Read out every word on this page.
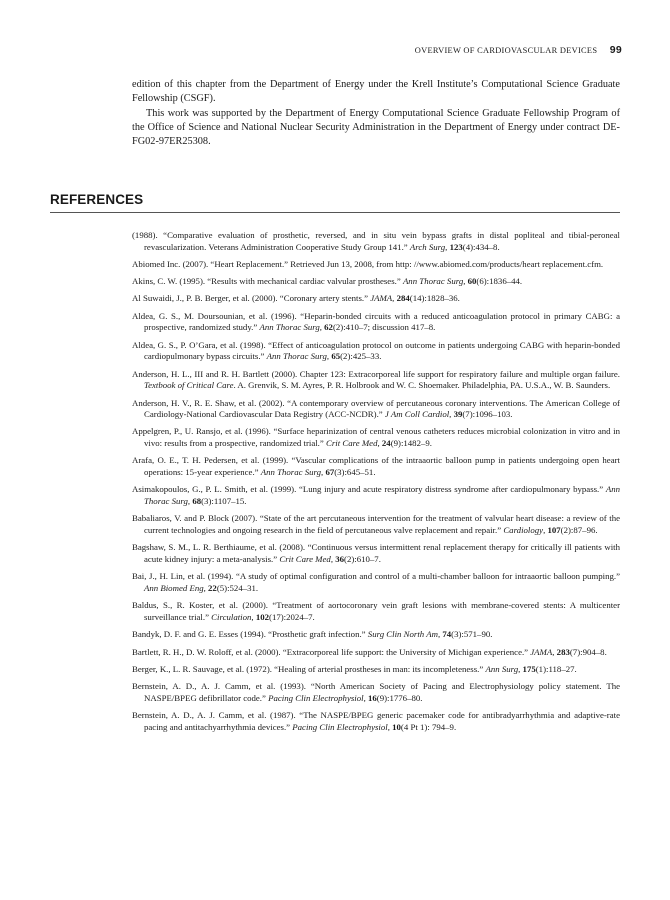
OVERVIEW OF CARDIOVASCULAR DEVICES 99

edition of this chapter from the Department of Energy under the Krell Institute’s Computational Science Graduate Fellowship (CSGF).

This work was supported by the Department of Energy Computational Science Graduate Fellowship Program of the Office of Science and National Nuclear Security Administration in the Department of Energy under contract DE-FG02-97ER25308.

REFERENCES
(1988). “Comparative evaluation of prosthetic, reversed, and in situ vein bypass grafts in distal popliteal and tibial-peroneal revascularization. Veterans Administration Cooperative Study Group 141.” Arch Surg, 123(4):434–8.
Abiomed Inc. (2007). “Heart Replacement.” Retrieved Jun 13, 2008, from http: //www.abiomed.com/products/heart replacement.cfm.
Akins, C. W. (1995). “Results with mechanical cardiac valvular prostheses.” Ann Thorac Surg, 60(6):1836–44.
Al Suwaidi, J., P. B. Berger, et al. (2000). “Coronary artery stents.” JAMA, 284(14):1828–36.
Aldea, G. S., M. Doursounian, et al. (1996). “Heparin-bonded circuits with a reduced anticoagulation protocol in primary CABG: a prospective, randomized study.” Ann Thorac Surg, 62(2):410–7; discussion 417–8.
Aldea, G. S., P. O’Gara, et al. (1998). “Effect of anticoagulation protocol on outcome in patients undergoing CABG with heparin-bonded cardiopulmonary bypass circuits.” Ann Thorac Surg, 65(2):425–33.
Anderson, H. L., III and R. H. Bartlett (2000). Chapter 123: Extracorporeal life support for respiratory failure and multiple organ failure. Textbook of Critical Care. A. Grenvik, S. M. Ayres, P. R. Holbrook and W. C. Shoemaker. Philadelphia, PA. U.S.A., W. B. Saunders.
Anderson, H. V., R. E. Shaw, et al. (2002). “A contemporary overview of percutaneous coronary interventions. The American College of Cardiology-National Cardiovascular Data Registry (ACC-NCDR).” J Am Coll Cardiol, 39(7):1096–103.
Appelgren, P., U. Ransjo, et al. (1996). “Surface heparinization of central venous catheters reduces microbial colonization in vitro and in vivo: results from a prospective, randomized trial.” Crit Care Med, 24(9):1482–9.
Arafa, O. E., T. H. Pedersen, et al. (1999). “Vascular complications of the intraaortic balloon pump in patients undergoing open heart operations: 15-year experience.” Ann Thorac Surg, 67(3):645–51.
Asimakopoulos, G., P. L. Smith, et al. (1999). “Lung injury and acute respiratory distress syndrome after cardiopulmonary bypass.” Ann Thorac Surg, 68(3):1107–15.
Babaliaros, V. and P. Block (2007). “State of the art percutaneous intervention for the treatment of valvular heart disease: a review of the current technologies and ongoing research in the field of percutaneous valve replacement and repair.” Cardiology, 107(2):87–96.
Bagshaw, S. M., L. R. Berthiaume, et al. (2008). “Continuous versus intermittent renal replacement therapy for critically ill patients with acute kidney injury: a meta-analysis.” Crit Care Med, 36(2):610–7.
Bai, J., H. Lin, et al. (1994). “A study of optimal configuration and control of a multi-chamber balloon for intraaortic balloon pumping.” Ann Biomed Eng, 22(5):524–31.
Baldus, S., R. Koster, et al. (2000). “Treatment of aortocoronary vein graft lesions with membrane-covered stents: A multicenter surveillance trial.” Circulation, 102(17):2024–7.
Bandyk, D. F. and G. E. Esses (1994). “Prosthetic graft infection.” Surg Clin North Am, 74(3):571–90.
Bartlett, R. H., D. W. Roloff, et al. (2000). “Extracorporeal life support: the University of Michigan experience.” JAMA, 283(7):904–8.
Berger, K., L. R. Sauvage, et al. (1972). “Healing of arterial prostheses in man: its incompleteness.” Ann Surg, 175(1):118–27.
Bernstein, A. D., A. J. Camm, et al. (1993). “North American Society of Pacing and Electrophysiology policy statement. The NASPE/BPEG defibrillator code.” Pacing Clin Electrophysiol, 16(9):1776–80.
Bernstein, A. D., A. J. Camm, et al. (1987). “The NASPE/BPEG generic pacemaker code for antibradyarrhythmia and adaptive-rate pacing and antitachyarrhythmia devices.” Pacing Clin Electrophysiol, 10(4 Pt 1): 794–9.
